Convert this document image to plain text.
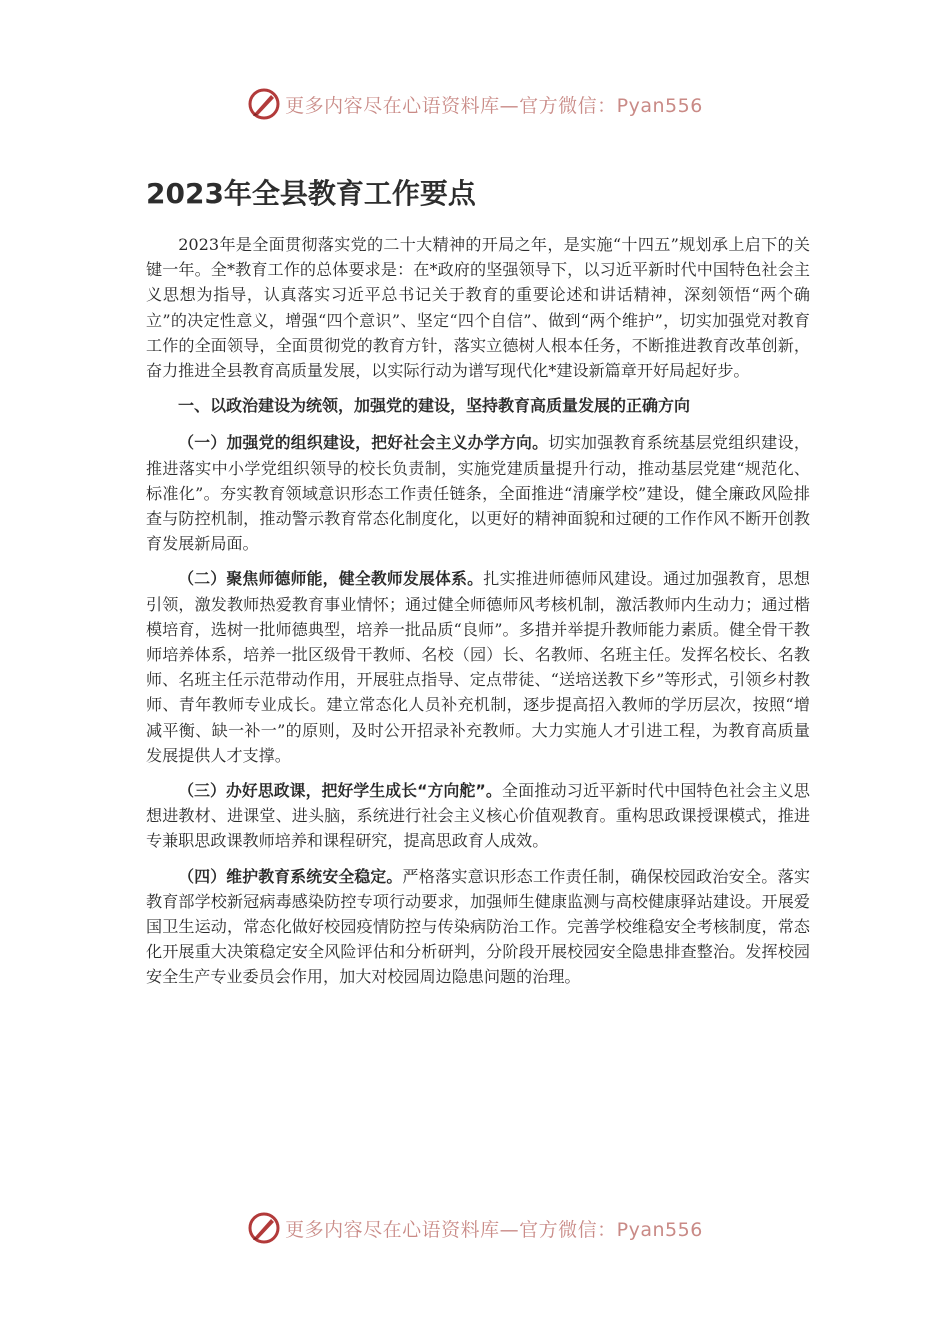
更多内容尽在心语资料库—官方微信：Pyan556
2023年全县教育工作要点

2023年是全面贯彻落实党的二十大精神的开局之年，是实施“十四五”规划承上启下的关键一年。全*教育工作的总体要求是：在*政府的坚强领导下，以习近平新时代中国特色社会主义思想为指导，认真落实习近平总书记关于教育的重要论述和讲话精神，深刻领悟“两个确立”的决定性意义，增强“四个意识”、坚定“四个自信”、做到“两个维护”，切实加强党对教育工作的全面领导，全面贯彻党的教育方针，落实立德树人根本任务，不断推进教育改革创新，奋力推进全县教育高质量发展，以实际行动为谱写现代化*建设新篇章开好局起好步。

一、以政治建设为统领，加强党的建设，坚持教育高质量发展的正确方向

（一）加强党的组织建设，把好社会主义办学方向。切实加强教育系统基层党组织建设，推进落实中小学党组织领导的校长负责制，实施党建质量提升行动，推动基层党建“规范化、标准化”。夯实教育领域意识形态工作责任链条，全面推进“清廉学校”建设，健全廉政风险排查与防控机制，推动警示教育常态化制度化，以更好的精神面貌和过硬的工作作风不断开创教育发展新局面。

（二）聚焦师德师能，健全教师发展体系。扎实推进师德师风建设。通过加强教育，思想引领，激发教师热爱教育事业情怀；通过健全师德师风考核机制，激活教师内生动力；通过楷模培育，选树一批师德典型，培养一批品质“良师”。多措并举提升教师能力素质。健全骨干教师培养体系，培养一批区级骨干教师、名校（园）长、名教师、名班主任。发挥名校长、名教师、名班主任示范带动作用，开展驻点指导、定点带徒、“送培送教下乡”等形式，引领乡村教师、青年教师专业成长。建立常态化人员补充机制，逐步提高招入教师的学历层次，按照“增减平衡、缺一补一”的原则，及时公开招录补充教师。大力实施人才引进工程，为教育高质量发展提供人才支撑。

（三）办好思政课，把好学生成长“方向舵”。全面推动习近平新时代中国特色社会主义思想进教材、进课堂、进头脑，系统进行社会主义核心价值观教育。重构思政课授课模式，推进专兼职思政课教师培养和课程研究，提高思政育人成效。

（四）维护教育系统安全稳定。严格落实意识形态工作责任制，确保校园政治安全。落实教育部学校新冠病毒感染防控专项行动要求，加强师生健康监测与高校健康驿站建设。开展爱国卫生运动，常态化做好校园疫情防控与传染病防治工作。完善学校维稳安全考核制度，常态化开展重大决策稳定安全风险评估和分析研判，分阶段开展校园安全隐患排查整治。发挥校园安全生产专业委员会作用，加大对校园周边隐患问题的治理。

更多内容尽在心语资料库—官方微信：Pyan556
